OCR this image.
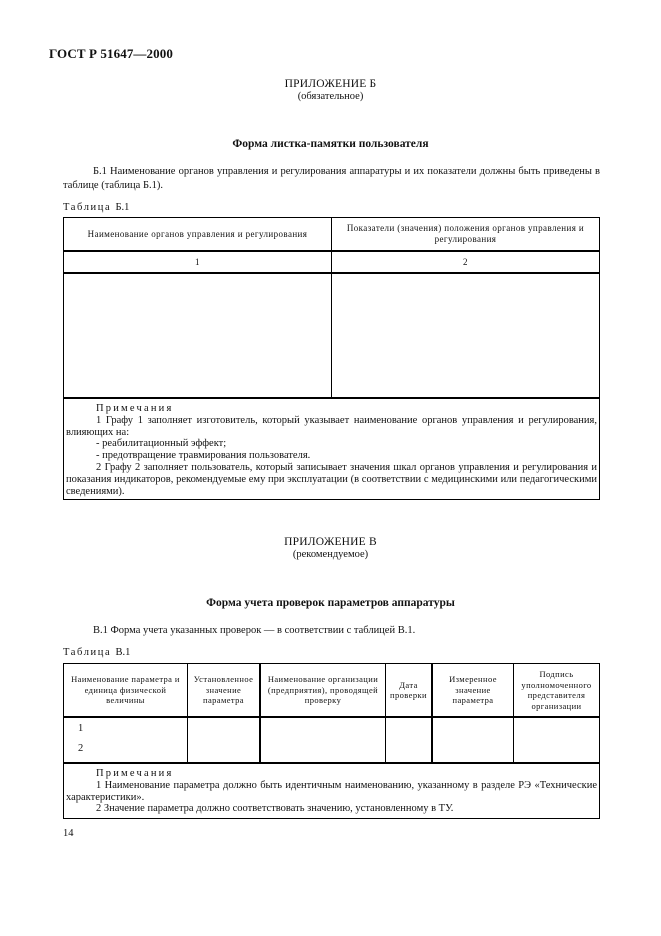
ГОСТ Р 51647—2000
ПРИЛОЖЕНИЕ Б
(обязательное)
Форма листка-памятки пользователя
Б.1 Наименование органов управления и регулирования аппаратуры и их показатели должны быть приведены в таблице (таблица Б.1).
Таблица Б.1
Наименование органов управления и регулирования
Показатели (значения) положения органов управления и регулирования
1	2
Примечания
1 Графу 1 заполняет изготовитель, который указывает наименование органов управления и регулирования, влияющих на:
- реабилитационный эффект;
- предотвращение травмирования пользователя.
2 Графу 2 заполняет пользователь, который записывает значения шкал органов управления и регулирования и показания индикаторов, рекомендуемые ему при эксплуатации (в соответствии с медицинскими или педагогическими сведениями).
ПРИЛОЖЕНИЕ В
(рекомендуемое)
Форма учета проверок параметров аппаратуры
В.1 Форма учета указанных проверок — в соответствии с таблицей В.1.
Таблица В.1
Наименование параметра и единица физической величины
Установленное значение параметра
Наименование организации (предприятия), проводящей проверку
Дата проверки
Измеренное значение параметра
Подпись уполномоченного представителя организации
1
2
Примечания
1 Наименование параметра должно быть идентичным наименованию, указанному в разделе РЭ «Технические характеристики».
2 Значение параметра должно соответствовать значению, установленному в ТУ.
14
